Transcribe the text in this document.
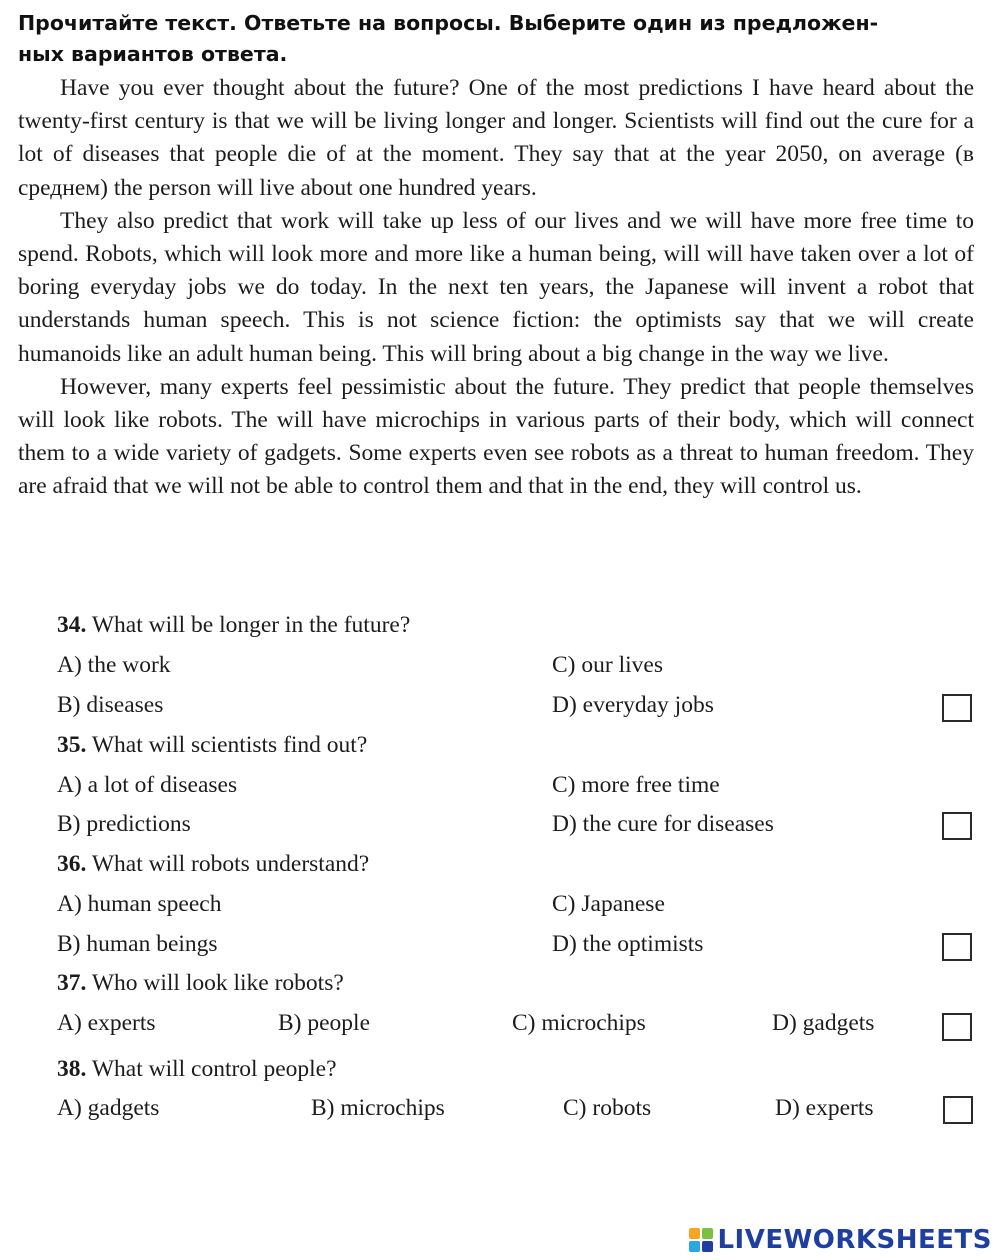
Прочитайте текст. Ответьте на вопросы. Выберите один из предложен-
ных вариантов ответа.

Have you ever thought about the future? One of the most predictions I have heard about the twenty-first century is that we will be living longer and longer. Scientists will find out the cure for a lot of diseases that people die of at the moment. They say that at the year 2050, on average (в среднем) the person will live about one hundred years.

They also predict that work will take up less of our lives and we will have more free time to spend. Robots, which will look more and more like a human being, will will have taken over a lot of boring everyday jobs we do today. In the next ten years, the Japanese will invent a robot that understands human speech. This is not science fiction: the optimists say that we will create humanoids like an adult human being. This will bring about a big change in the way we live.

However, many experts feel pessimistic about the future. They predict that people themselves will look like robots. The will have microchips in various parts of their body, which will connect them to a wide variety of gadgets. Some experts even see robots as a threat to human freedom. They are afraid that we will not be able to control them and that in the end, they will control us.

34. What will be longer in the future?
A) the work
B) diseases
C) our lives
D) everyday jobs
35. What will scientists find out?
A) a lot of diseases
B) predictions
C) more free time
D) the cure for diseases
36. What will robots understand?
A) human speech
B) human beings
C) Japanese
D) the optimists
37. Who will look like robots?
A) experts	B) people	C) microchips	D) gadgets
38. What will control people?
A) gadgets	B) microchips	C) robots	D) experts
LIVEWORKSHEETS
